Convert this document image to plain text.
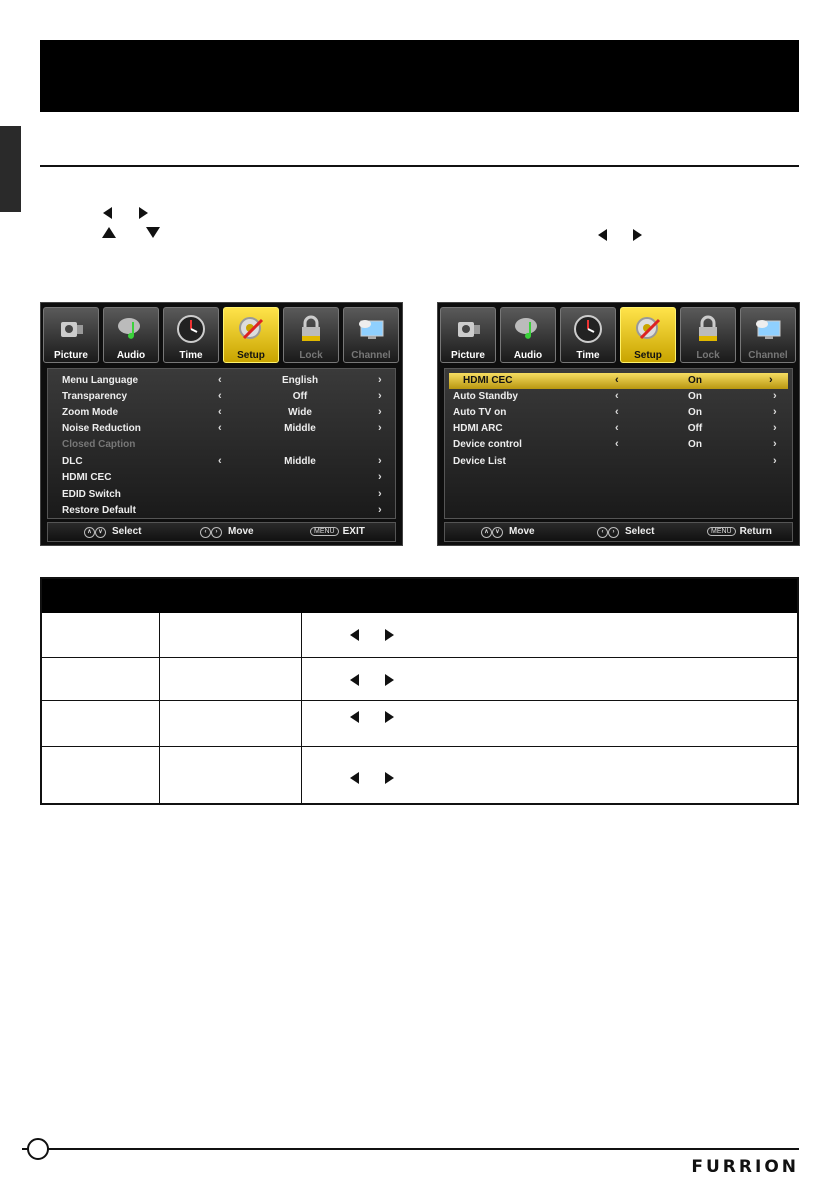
Picture	Audio	Time	Setup	Lock	Channel
Menu Language	‹	English	›
Transparency	‹	Off	›
Zoom Mode	‹	Wide	›
Noise Reduction	‹	Middle	›
Closed Caption
DLC	‹	Middle	›
HDMI CEC	›
EDID Switch	›
Restore Default	›
∧ ∨ Select	‹ › Move	MENU EXIT
Picture	Audio	Time	Setup	Lock	Channel
HDMI CEC	‹	On	›
Auto Standby	‹	On	›
Auto TV on	‹	On	›
HDMI ARC	‹	Off	›
Device control	‹	On	›
Device List	›
∧ ∨ Move	‹ › Select	MENU Return
FURRION
